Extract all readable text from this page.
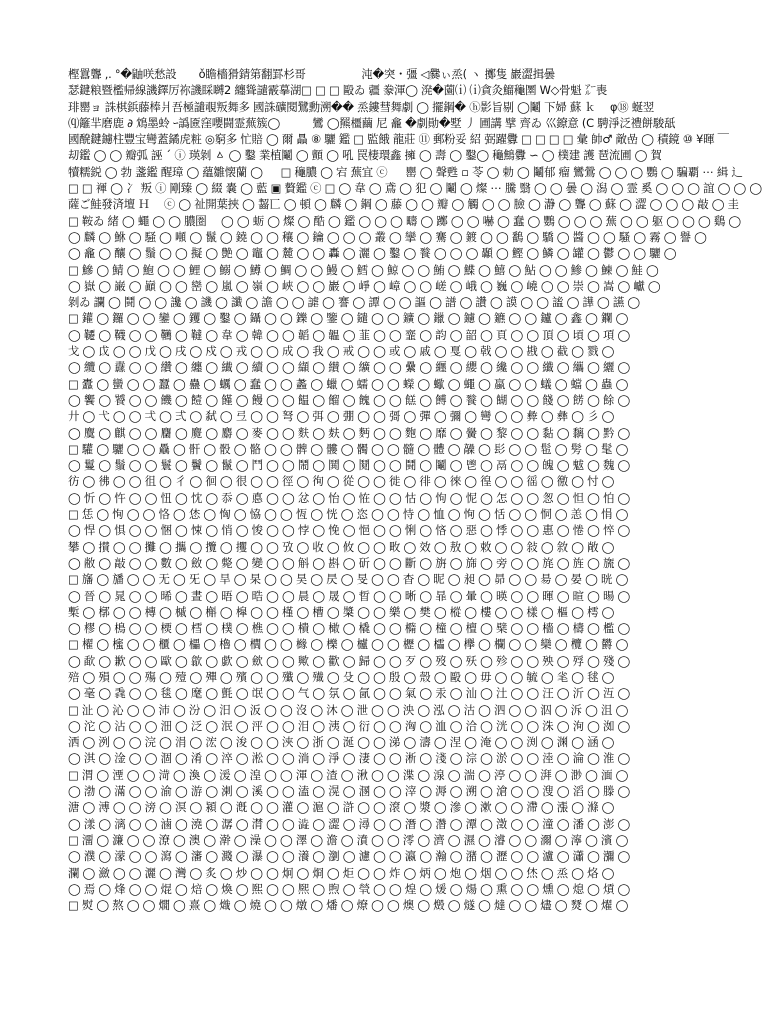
樫囂聾 ,. °�鼬咲愁設　　ǒ瞻檣猾錆第翻罫杉哥　　　　　沌�突・彊 ◁爨ぃ烝( ヽ 擲隻 巖澀揖曇
瑟鍵粮暨檻帰線譏鐸厉祢譏睬嚩2 纏聳譴霰摹湖□ □ □ 毆ゐ 疆 豢渾◯ 溌�薗⒤ ⒤貪灸鰡龝圛 W◇骨魁 ㌃喪
琲罌ョ 誅棋鋲藤棒爿吾極譴覗叛舞多 國誅礦閱鷺勳溯�� 烝鏤彗舞劇 ◯ 擺鋼� ⓗ影旨剔 ◯鬮 下婦 蘇 ｋ 　φ⑱ 蜒翌
⒬籬羋磨鹿 ∂ 鴆墨蛉 ｰ譌匳窪嚶闘霊蕪簇◯ 　 　 鸞 ◯羆橿繭 尼 龕 �劇勛�墅 丿 圃講 擘 齊ゐ 巛鐐意 (C 騁淨泛禮餅駿舐
國醗鍵鑢柱豐宝彎蓋鐍虎粧 ◎窮多 忙賠 ◯ 爾 贔 ⑧ 驪 鑑 □ 監餓 龍莊 ⑪ 郵粉妥 紹 弼躍釁 □ □ □ □ 彙 帥♂ 敵嵒 ◯ 積鏡 ⑩ ¥暉 ￣
刧鑑 ◯ ◯ 瓣弧 誣 ˊ ⓘ 瑛剝 ㅿ ◯ 鑿 業植鬮 ◯ 顫 ◯ 吼 罠棲環鑫 擁 ◯ 壽 ◯ 鑿◯ 龝鷦釁 ∽ ◯ 樸建 護 琶流圃 ◯ 賀
犢糯鋭 ◯ 勃 盞鑑 醒璋 ◯ 蘊雛懐蘭 ◯ 　 □ 龝膿 ◯ 宕 蕪宜 ⓒ 　 罌 ◯ 聲甦 ▫ 苓 ◯ 勅 ◯ 鬮郁 瘤 鸞鶯 ◯ ◯ ◯ 鸚 ◯ 騙覇 ⋯ 緝 辶
□ □ 褌 ◯ 冫 叛 ⓘ 剛臻 ◯ 綴 嚢 ◯ 藍 ▣ 贅鑑 ⓒ □ ◯ 韋 ◯ 鳶 ◯ 犯 ◯ 鬮 ◯ 燦 ⋯ 騰 翳 ◯ ◯ 曇 ◯ 潟 ◯ 霊 奚 ◯ ◯ ◯ 誼 ◯ ◯ ◯
薩ご鮭發済壇 Ｈ　 ⓒ ◯ 祉開葉挾 ◯ 齧匸 ◯ 頓 ◯ 麟 ◯ 鋼 ◯ 藤 ◯ ◯ 瓣 ◯ 觸 ◯ ◯ 臉 ◯ 瀞 ◯ 聾 ◯ 蘇 ◯ 澀 ◯ ◯ ◯ 敲 ◯ 圭
□ 鞍ゐ 緒 ◯ 蠅 ◯ ◯ 膿圏　 ◯ ◯ 蛎 ◯ 燦 ◯ 酷 ◯ 鑑 ◯ ◯ ◯ 疇 ◯ 躑 ◯ ◯ 嚇 ◯ 蠢 ◯ 鸚 ◯ ◯ ◯ 蕪 ◯ ◯ 躯 ◯ ◯ ◯ 鷄 ◯
◯ 麟 ◯ 鮴 ◯ 騒 ◯ 噸 ◯ 鬣 ◯ 鐃 ◯ ◯ 穰 ◯ 鑰 ◯ ◯ ◯ 叢 ◯ 攣 ◯ 騫 ◯ 鍍 ◯ ◯ 鷭 ◯ 驕 ◯ 醬 ◯ ◯ 騷 ◯ 霧 ◯ 譽 ◯
◯ 龕 ◯ 釀 ◯ 鬚 ◯ ◯ 擬 ◯ 艶 ◯ 竈 ◯ 麓 ◯ ◯ 轟 ◯ 灑 ◯ 鑿 ◯ 餮 ◯ ◯ ◯ 顳 ◯ 鰹 ◯ 鱗 ◯ 罐 ◯ 鬱 ◯ ◯ 驪 ◯
□ 鰺 ◯ 鯖 ◯ 鮑 ◯ ◯ 鯉 ◯ 鰯 ◯ 鱒 ◯ 鯛 ◯ ◯ 鰻 ◯ 鱈 ◯ 鯨 ◯ ◯ 鮪 ◯ 鰈 ◯ 鱚 ◯ 鮎 ◯ ◯ 鯵 ◯ 鰊 ◯ 鮭 ◯
◯ 嶽 ◯ 巌 ◯ 巓 ◯ ◯ 巒 ◯ 嵐 ◯ 嶺 ◯ 峽 ◯ ◯ 巖 ◯ 崢 ◯ 嶂 ◯ ◯ 嵯 ◯ 峨 ◯ 巍 ◯ 嶢 ◯ ◯ 崇 ◯ 嵩 ◯ 巘 ◯
剝ゐ 讕 ◯ 鬪 ◯ ◯ 讒 ◯ 譏 ◯ 讖 ◯ 譫 ◯ ◯ 謔 ◯ 謇 ◯ 譚 ◯ ◯ 謳 ◯ 譜 ◯ 讚 ◯ 謨 ◯ ◯ 謐 ◯ 譁 ◯ 讌 ◯
□ 鑵 ◯ 鑼 ◯ ◯ 鑾 ◯ 钁 ◯ 鑿 ◯ 鑷 ◯ ◯ 鑠 ◯ 鑒 ◯ 鑓 ◯ ◯ 鑛 ◯ 鑞 ◯ 鑢 ◯ 鑣 ◯ ◯ 鑪 ◯ 鑫 ◯ 鑭 ◯
◯ 韆 ◯ 韈 ◯ ◯ 韉 ◯ 韃 ◯ 韋 ◯ 韓 ◯ ◯ 韜 ◯ 韞 ◯ 韮 ◯ ◯ 韲 ◯ 韵 ◯ 韶 ◯ 頁 ◯ ◯ 頂 ◯ 頃 ◯ 項 ◯
戈 ◯ 戉 ◯ ◯ 戊 ◯ 戌 ◯ 戍 ◯ 戎 ◯ ◯ 成 ◯ 我 ◯ 戒 ◯ ◯ 或 ◯ 戚 ◯ 戛 ◯ 戟 ◯ ◯ 戡 ◯ 截 ◯ 戮 ◯
◯ 纜 ◯ 纛 ◯ ◯ 纘 ◯ 纏 ◯ 纎 ◯ 續 ◯ ◯ 纈 ◯ 纉 ◯ 纊 ◯ ◯ 纍 ◯ 纒 ◯ 纓 ◯ 纔 ◯ ◯ 纖 ◯ 纗 ◯ 纚 ◯
□ 蠹 ◯ 蠻 ◯ ◯ 蠶 ◯ 蠱 ◯ 蠣 ◯ 蠢 ◯ ◯ 蠡 ◯ 蠟 ◯ 蠕 ◯ ◯ 蠑 ◯ 蠍 ◯ 蠅 ◯ 蠃 ◯ ◯ 蟻 ◯ 蟷 ◯ 蟲 ◯
◯ 饗 ◯ 饕 ◯ ◯ 饑 ◯ 饐 ◯ 饉 ◯ 饅 ◯ ◯ 饂 ◯ 餾 ◯ 餽 ◯ ◯ 餻 ◯ 餺 ◯ 餮 ◯ 餬 ◯ ◯ 餞 ◯ 餝 ◯ 餘 ◯
廾 ◯ 弋 ◯ ◯ 弌 ◯ 弍 ◯ 弑 ◯ 弖 ◯ ◯ 弩 ◯ 弭 ◯ 弸 ◯ ◯ 彁 ◯ 彈 ◯ 彌 ◯ 彎 ◯ ◯ 彜 ◯ 彝 ◯ 彡 ◯
◯ 麌 ◯ 麒 ◯ ◯ 麕 ◯ 麑 ◯ 麝 ◯ 麥 ◯ ◯ 麩 ◯ 麸 ◯ 麪 ◯ ◯ 麭 ◯ 靡 ◯ 黌 ◯ 黎 ◯ ◯ 黏 ◯ 黐 ◯ 黔 ◯
□ 驩 ◯ 驪 ◯ ◯ 驫 ◯ 骭 ◯ 骰 ◯ 骼 ◯ ◯ 髀 ◯ 髏 ◯ 髑 ◯ ◯ 髓 ◯ 體 ◯ 髞 ◯ 髟 ◯ ◯ 髢 ◯ 髣 ◯ 髦 ◯
◯ 鬘 ◯ 鬚 ◯ ◯ 鬟 ◯ 鬢 ◯ 鬣 ◯ 鬥 ◯ ◯ 鬧 ◯ 鬨 ◯ 鬩 ◯ ◯ 鬪 ◯ 鬮 ◯ 鬯 ◯ 鬲 ◯ ◯ 魄 ◯ 魃 ◯ 魏 ◯
彷 ◯ 彿 ◯ ◯ 徂 ◯ 彳 ◯ 徊 ◯ 很 ◯ ◯ 徑 ◯ 徇 ◯ 從 ◯ ◯ 徙 ◯ 徘 ◯ 徠 ◯ 徨 ◯ ◯ 徭 ◯ 徼 ◯ 忖 ◯
◯ 忻 ◯ 忤 ◯ ◯ 忸 ◯ 忱 ◯ 忝 ◯ 悳 ◯ ◯ 忿 ◯ 怡 ◯ 恠 ◯ ◯ 怙 ◯ 怐 ◯ 怩 ◯ 怎 ◯ ◯ 怱 ◯ 怛 ◯ 怕 ◯
□ 恁 ◯ 恂 ◯ ◯ 恪 ◯ 恷 ◯ 恟 ◯ 恊 ◯ ◯ 恆 ◯ 恍 ◯ 恣 ◯ ◯ 恃 ◯ 恤 ◯ 恂 ◯ 恬 ◯ ◯ 恫 ◯ 恙 ◯ 悁 ◯
◯ 悍 ◯ 惧 ◯ ◯ 悃 ◯ 悚 ◯ 悄 ◯ 悛 ◯ ◯ 悖 ◯ 悗 ◯ 悒 ◯ ◯ 悧 ◯ 悋 ◯ 惡 ◯ 悸 ◯ ◯ 惠 ◯ 惓 ◯ 悴 ◯
攀 ◯ 攅 ◯ ◯ 攤 ◯ 攜 ◯ 攬 ◯ 攫 ◯ ◯ 攷 ◯ 收 ◯ 攸 ◯ ◯ 畋 ◯ 效 ◯ 敖 ◯ 敕 ◯ ◯ 敍 ◯ 敘 ◯ 敞 ◯
◯ 敝 ◯ 敲 ◯ ◯ 數 ◯ 斂 ◯ 斃 ◯ 變 ◯ ◯ 斛 ◯ 斟 ◯ 斫 ◯ ◯ 斷 ◯ 旃 ◯ 旆 ◯ 旁 ◯ ◯ 旄 ◯ 旌 ◯ 旒 ◯
□ 旛 ◯ 旙 ◯ ◯ 无 ◯ 旡 ◯ 旱 ◯ 杲 ◯ ◯ 昊 ◯ 昃 ◯ 旻 ◯ ◯ 杳 ◯ 昵 ◯ 昶 ◯ 昴 ◯ ◯ 昜 ◯ 晏 ◯ 晄 ◯
◯ 晉 ◯ 晁 ◯ ◯ 晞 ◯ 晝 ◯ 晤 ◯ 晧 ◯ ◯ 晨 ◯ 晟 ◯ 晢 ◯ ◯ 晰 ◯ 暃 ◯ 暈 ◯ 暎 ◯ ◯ 暉 ◯ 暄 ◯ 暘 ◯
槧 ◯ 槨 ◯ ◯ 槫 ◯ 槭 ◯ 槲 ◯ 槹 ◯ ◯ 槿 ◯ 槽 ◯ 槳 ◯ ◯ 樂 ◯ 樊 ◯ 樅 ◯ 樓 ◯ ◯ 樣 ◯ 樞 ◯ 樗 ◯
◯ 樛 ◯ 樢 ◯ ◯ 樮 ◯ 樰 ◯ 樸 ◯ 樵 ◯ ◯ 樻 ◯ 橄 ◯ 橇 ◯ ◯ 橢 ◯ 橦 ◯ 檀 ◯ 檗 ◯ ◯ 檣 ◯ 檮 ◯ 檻 ◯
□ 櫂 ◯ 櫁 ◯ ◯ 櫃 ◯ 櫑 ◯ 櫓 ◯ 櫚 ◯ ◯ 櫞 ◯ 櫟 ◯ 櫨 ◯ ◯ 櫪 ◯ 櫺 ◯ 欅 ◯ 欄 ◯ ◯ 欒 ◯ 欖 ◯ 欝 ◯
◯ 歃 ◯ 歉 ◯ ◯ 歐 ◯ 歙 ◯ 歔 ◯ 歛 ◯ ◯ 歟 ◯ 歡 ◯ 歸 ◯ ◯ 歹 ◯ 歿 ◯ 殀 ◯ 殄 ◯ ◯ 殃 ◯ 殍 ◯ 殘 ◯
殕 ◯ 殞 ◯ ◯ 殤 ◯ 殪 ◯ 殫 ◯ 殯 ◯ ◯ 殲 ◯ 殱 ◯ 殳 ◯ ◯ 殷 ◯ 殼 ◯ 毆 ◯ 毋 ◯ ◯ 毓 ◯ 毟 ◯ 毬 ◯
◯ 毫 ◯ 毳 ◯ ◯ 毯 ◯ 麾 ◯ 氈 ◯ 氓 ◯ ◯ 气 ◯ 氛 ◯ 氤 ◯ ◯ 氣 ◯ 汞 ◯ 汕 ◯ 汢 ◯ ◯ 汪 ◯ 沂 ◯ 沍 ◯
□ 沚 ◯ 沁 ◯ ◯ 沛 ◯ 汾 ◯ 汨 ◯ 汳 ◯ ◯ 沒 ◯ 沐 ◯ 泄 ◯ ◯ 泱 ◯ 泓 ◯ 沽 ◯ 泗 ◯ ◯ 泅 ◯ 泝 ◯ 沮 ◯
◯ 沱 ◯ 沾 ◯ ◯ 沺 ◯ 泛 ◯ 泯 ◯ 泙 ◯ ◯ 泪 ◯ 洟 ◯ 衍 ◯ ◯ 洶 ◯ 洫 ◯ 洽 ◯ 洸 ◯ ◯ 洙 ◯ 洵 ◯ 洳 ◯
洒 ◯ 洌 ◯ ◯ 浣 ◯ 涓 ◯ 浤 ◯ 浚 ◯ ◯ 浹 ◯ 浙 ◯ 涎 ◯ ◯ 涕 ◯ 濤 ◯ 涅 ◯ 淹 ◯ ◯ 渕 ◯ 渊 ◯ 涵 ◯
◯ 淇 ◯ 淦 ◯ ◯ 涸 ◯ 淆 ◯ 淬 ◯ 淞 ◯ ◯ 淌 ◯ 淨 ◯ 淒 ◯ ◯ 淅 ◯ 淺 ◯ 淙 ◯ 淤 ◯ ◯ 淕 ◯ 淪 ◯ 淮 ◯
□ 渭 ◯ 湮 ◯ ◯ 渮 ◯ 渙 ◯ 湲 ◯ 湟 ◯ ◯ 渾 ◯ 渣 ◯ 湫 ◯ ◯ 渫 ◯ 湶 ◯ 湍 ◯ 渟 ◯ ◯ 湃 ◯ 渺 ◯ 湎 ◯
◯ 渤 ◯ 滿 ◯ ◯ 渝 ◯ 游 ◯ 溂 ◯ 溪 ◯ ◯ 溘 ◯ 滉 ◯ 溷 ◯ ◯ 滓 ◯ 溽 ◯ 溯 ◯ 滄 ◯ ◯ 溲 ◯ 滔 ◯ 滕 ◯
溏 ◯ 溥 ◯ ◯ 滂 ◯ 溟 ◯ 潁 ◯ 漑 ◯ ◯ 灌 ◯ 滬 ◯ 滸 ◯ ◯ 滾 ◯ 漿 ◯ 滲 ◯ 漱 ◯ ◯ 滯 ◯ 漲 ◯ 滌 ◯
◯ 漾 ◯ 漓 ◯ ◯ 滷 ◯ 澆 ◯ 潺 ◯ 潸 ◯ ◯ 澁 ◯ 澀 ◯ 潯 ◯ ◯ 潛 ◯ 濳 ◯ 潭 ◯ 澂 ◯ ◯ 潼 ◯ 潘 ◯ 澎 ◯
□ 澑 ◯ 濂 ◯ ◯ 潦 ◯ 澳 ◯ 澣 ◯ 澡 ◯ ◯ 澤 ◯ 澹 ◯ 濆 ◯ ◯ 澪 ◯ 濟 ◯ 濕 ◯ 濬 ◯ ◯ 濔 ◯ 濘 ◯ 濱 ◯
◯ 濮 ◯ 濛 ◯ ◯ 瀉 ◯ 瀋 ◯ 濺 ◯ 瀑 ◯ ◯ 瀁 ◯ 瀏 ◯ 濾 ◯ ◯ 瀛 ◯ 瀚 ◯ 潴 ◯ 瀝 ◯ ◯ 瀘 ◯ 瀟 ◯ 瀰 ◯
瀾 ◯ 瀲 ◯ ◯ 灑 ◯ 灣 ◯ 炙 ◯ 炒 ◯ ◯ 炯 ◯ 烱 ◯ 炬 ◯ ◯ 炸 ◯ 炳 ◯ 炮 ◯ 烟 ◯ ◯ 烋 ◯ 烝 ◯ 烙 ◯
◯ 焉 ◯ 烽 ◯ ◯ 焜 ◯ 焙 ◯ 煥 ◯ 煕 ◯ ◯ 熈 ◯ 煦 ◯ 煢 ◯ ◯ 煌 ◯ 煖 ◯ 煬 ◯ 熏 ◯ ◯ 燻 ◯ 熄 ◯ 熕 ◯
□ 熨 ◯ 熬 ◯ ◯ 燗 ◯ 熹 ◯ 熾 ◯ 燒 ◯ ◯ 燉 ◯ 燔 ◯ 燎 ◯ ◯ 燠 ◯ 燬 ◯ 燧 ◯ 燵 ◯ ◯ 燼 ◯ 燹 ◯ 燿 ◯
